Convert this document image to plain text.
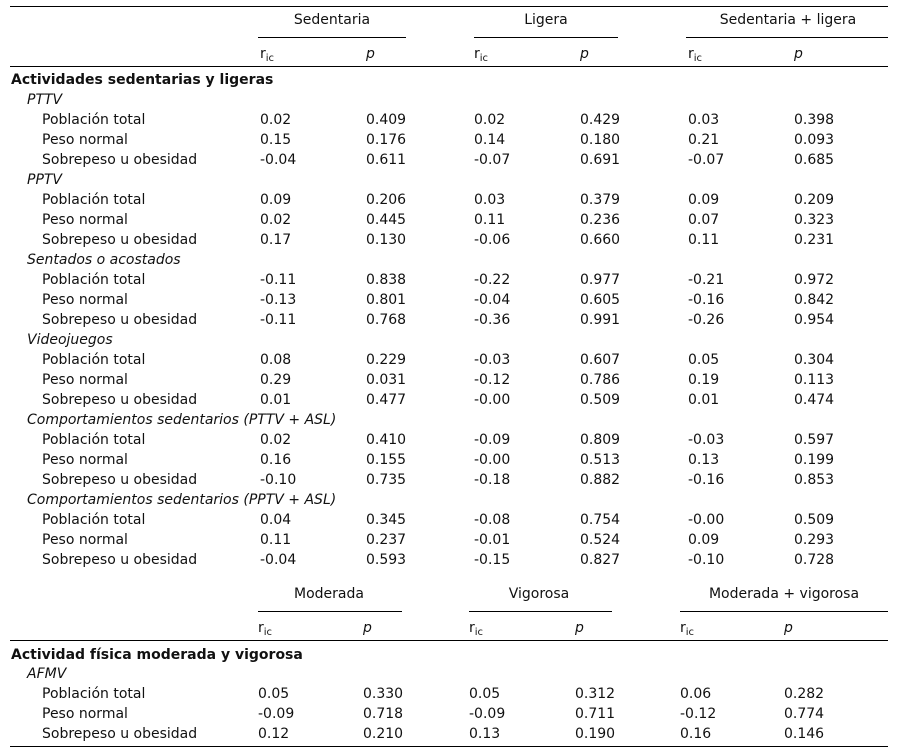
Sedentaria	Ligera	Sedentaria + ligera
$r_{ic}$	p	$r_{ic}$	p	$r_{ic}$	p
Actividades sedentarias y ligeras
PTTV
Población total	0.02	0.409	0.02	0.429	0.03	0.398
Peso normal	0.15	0.176	0.14	0.180	0.21	0.093
Sobrepeso u obesidad	-0.04	0.611	-0.07	0.691	-0.07	0.685
PPTV
Población total	0.09	0.206	0.03	0.379	0.09	0.209
Peso normal	0.02	0.445	0.11	0.236	0.07	0.323
Sobrepeso u obesidad	0.17	0.130	-0.06	0.660	0.11	0.231
Sentados o acostados
Población total	-0.11	0.838	-0.22	0.977	-0.21	0.972
Peso normal	-0.13	0.801	-0.04	0.605	-0.16	0.842
Sobrepeso u obesidad	-0.11	0.768	-0.36	0.991	-0.26	0.954
Videojuegos
Población total	0.08	0.229	-0.03	0.607	0.05	0.304
Peso normal	0.29	0.031	-0.12	0.786	0.19	0.113
Sobrepeso u obesidad	0.01	0.477	-0.00	0.509	0.01	0.474
Comportamientos sedentarios (PTTV + ASL)
Población total	0.02	0.410	-0.09	0.809	-0.03	0.597
Peso normal	0.16	0.155	-0.00	0.513	0.13	0.199
Sobrepeso u obesidad	-0.10	0.735	-0.18	0.882	-0.16	0.853
Comportamientos sedentarios (PPTV + ASL)
Población total	0.04	0.345	-0.08	0.754	-0.00	0.509
Peso normal	0.11	0.237	-0.01	0.524	0.09	0.293
Sobrepeso u obesidad	-0.04	0.593	-0.15	0.827	-0.10	0.728
Moderada	Vigorosa	Moderada + vigorosa
$r_{ic}$	p	$r_{ic}$	p	$r_{ic}$	p
Actividad física moderada y vigorosa
AFMV
Población total	0.05	0.330	0.05	0.312	0.06	0.282
Peso normal	-0.09	0.718	-0.09	0.711	-0.12	0.774
Sobrepeso u obesidad	0.12	0.210	0.13	0.190	0.16	0.146
